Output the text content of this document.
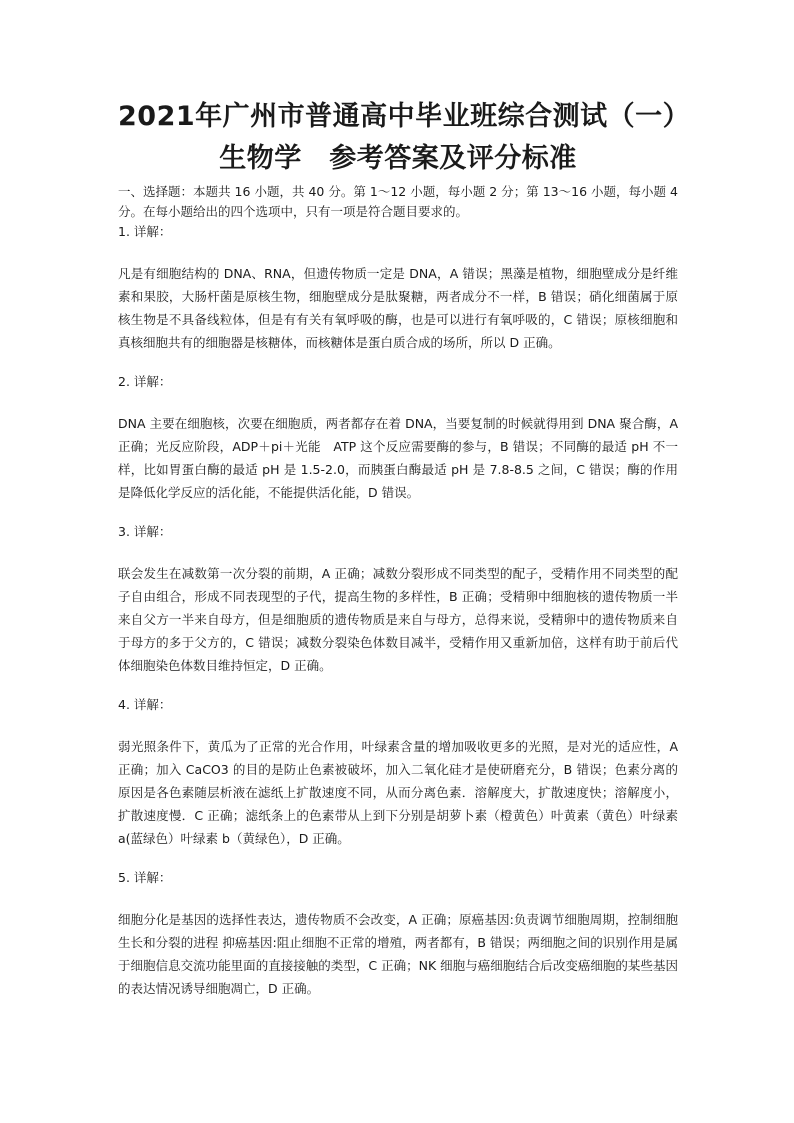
2021年广州市普通高中毕业班综合测试（一）
生物学　参考答案及评分标准

一、选择题：本题共 16 小题，共 40 分。第 1～12 小题，每小题 2 分；第 13～16 小题，每小题 4 分。在每小题给出的四个选项中，只有一项是符合题目要求的。

1. 详解：

凡是有细胞结构的 DNA、RNA，但遗传物质一定是 DNA，A 错误；黑藻是植物，细胞壁成分是纤维素和果胶，大肠杆菌是原核生物，细胞壁成分是肽聚糖，两者成分不一样，B 错误；硝化细菌属于原核生物是不具备线粒体，但是有有关有氧呼吸的酶，也是可以进行有氧呼吸的，C 错误；原核细胞和真核细胞共有的细胞器是核糖体，而核糖体是蛋白质合成的场所，所以 D 正确。

2. 详解：

DNA 主要在细胞核，次要在细胞质，两者都存在着 DNA，当要复制的时候就得用到 DNA 聚合酶，A 正确；光反应阶段，ADP＋pi＋光能　ATP 这个反应需要酶的参与，B 错误；不同酶的最适 pH 不一样，比如胃蛋白酶的最适 pH 是 1.5-2.0，而胰蛋白酶最适 pH 是 7.8-8.5 之间，C 错误；酶的作用是降低化学反应的活化能，不能提供活化能，D 错误。

3. 详解：

联会发生在减数第一次分裂的前期，A 正确；减数分裂形成不同类型的配子，受精作用不同类型的配子自由组合，形成不同表现型的子代，提高生物的多样性，B 正确；受精卵中细胞核的遗传物质一半来自父方一半来自母方，但是细胞质的遗传物质是来自与母方，总得来说，受精卵中的遗传物质来自于母方的多于父方的，C 错误；减数分裂染色体数目减半，受精作用又重新加倍，这样有助于前后代体细胞染色体数目维持恒定，D 正确。

4. 详解：

弱光照条件下，黄瓜为了正常的光合作用，叶绿素含量的增加吸收更多的光照，是对光的适应性，A 正确；加入 CaCO3 的目的是防止色素被破坏，加入二氧化硅才是使研磨充分，B 错误；色素分离的原因是各色素随层析液在滤纸上扩散速度不同，从而分离色素．溶解度大，扩散速度快；溶解度小，扩散速度慢．C 正确；滤纸条上的色素带从上到下分别是胡萝卜素（橙黄色）叶黄素（黄色）叶绿素 a(蓝绿色）叶绿素 b（黄绿色），D 正确。

5. 详解：

细胞分化是基因的选择性表达，遗传物质不会改变，A 正确；原癌基因:负责调节细胞周期，控制细胞生长和分裂的进程 抑癌基因:阻止细胞不正常的增殖，两者都有，B 错误；两细胞之间的识别作用是属于细胞信息交流功能里面的直接接触的类型，C 正确；NK 细胞与癌细胞结合后改变癌细胞的某些基因的表达情况诱导细胞凋亡，D 正确。
